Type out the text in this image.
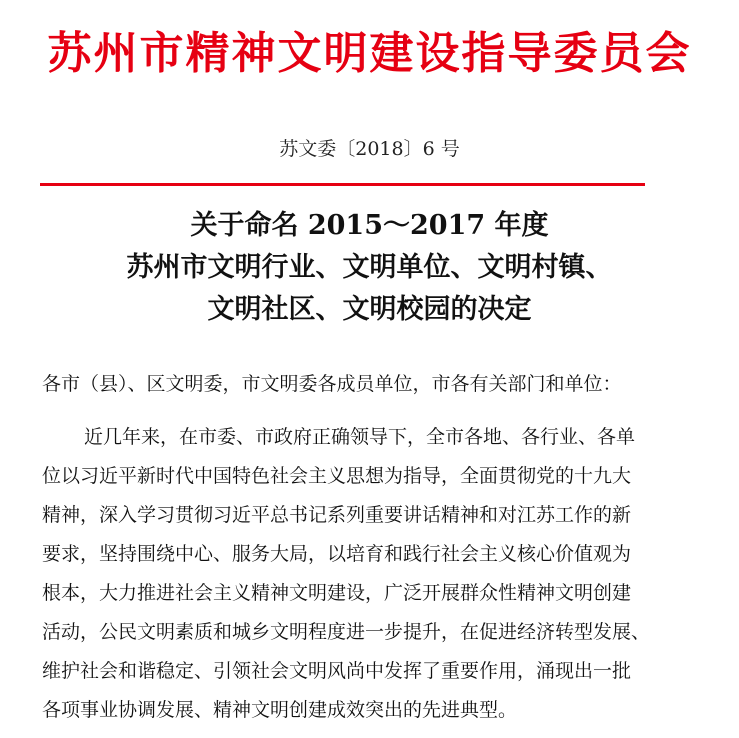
苏州市精神文明建设指导委员会
苏文委〔2018〕6 号
关于命名 2015～2017 年度
苏州市文明行业、文明单位、文明村镇、
文明社区、文明校园的决定
各市（县）、区文明委，市文明委各成员单位，市各有关部门和单位：
近几年来，在市委、市政府正确领导下，全市各地、各行业、各单
位以习近平新时代中国特色社会主义思想为指导，全面贯彻党的十九大
精神，深入学习贯彻习近平总书记系列重要讲话精神和对江苏工作的新
要求，坚持围绕中心、服务大局，以培育和践行社会主义核心价值观为
根本，大力推进社会主义精神文明建设，广泛开展群众性精神文明创建
活动，公民文明素质和城乡文明程度进一步提升，在促进经济转型发展、
维护社会和谐稳定、引领社会文明风尚中发挥了重要作用，涌现出一批
各项事业协调发展、精神文明创建成效突出的先进典型。
